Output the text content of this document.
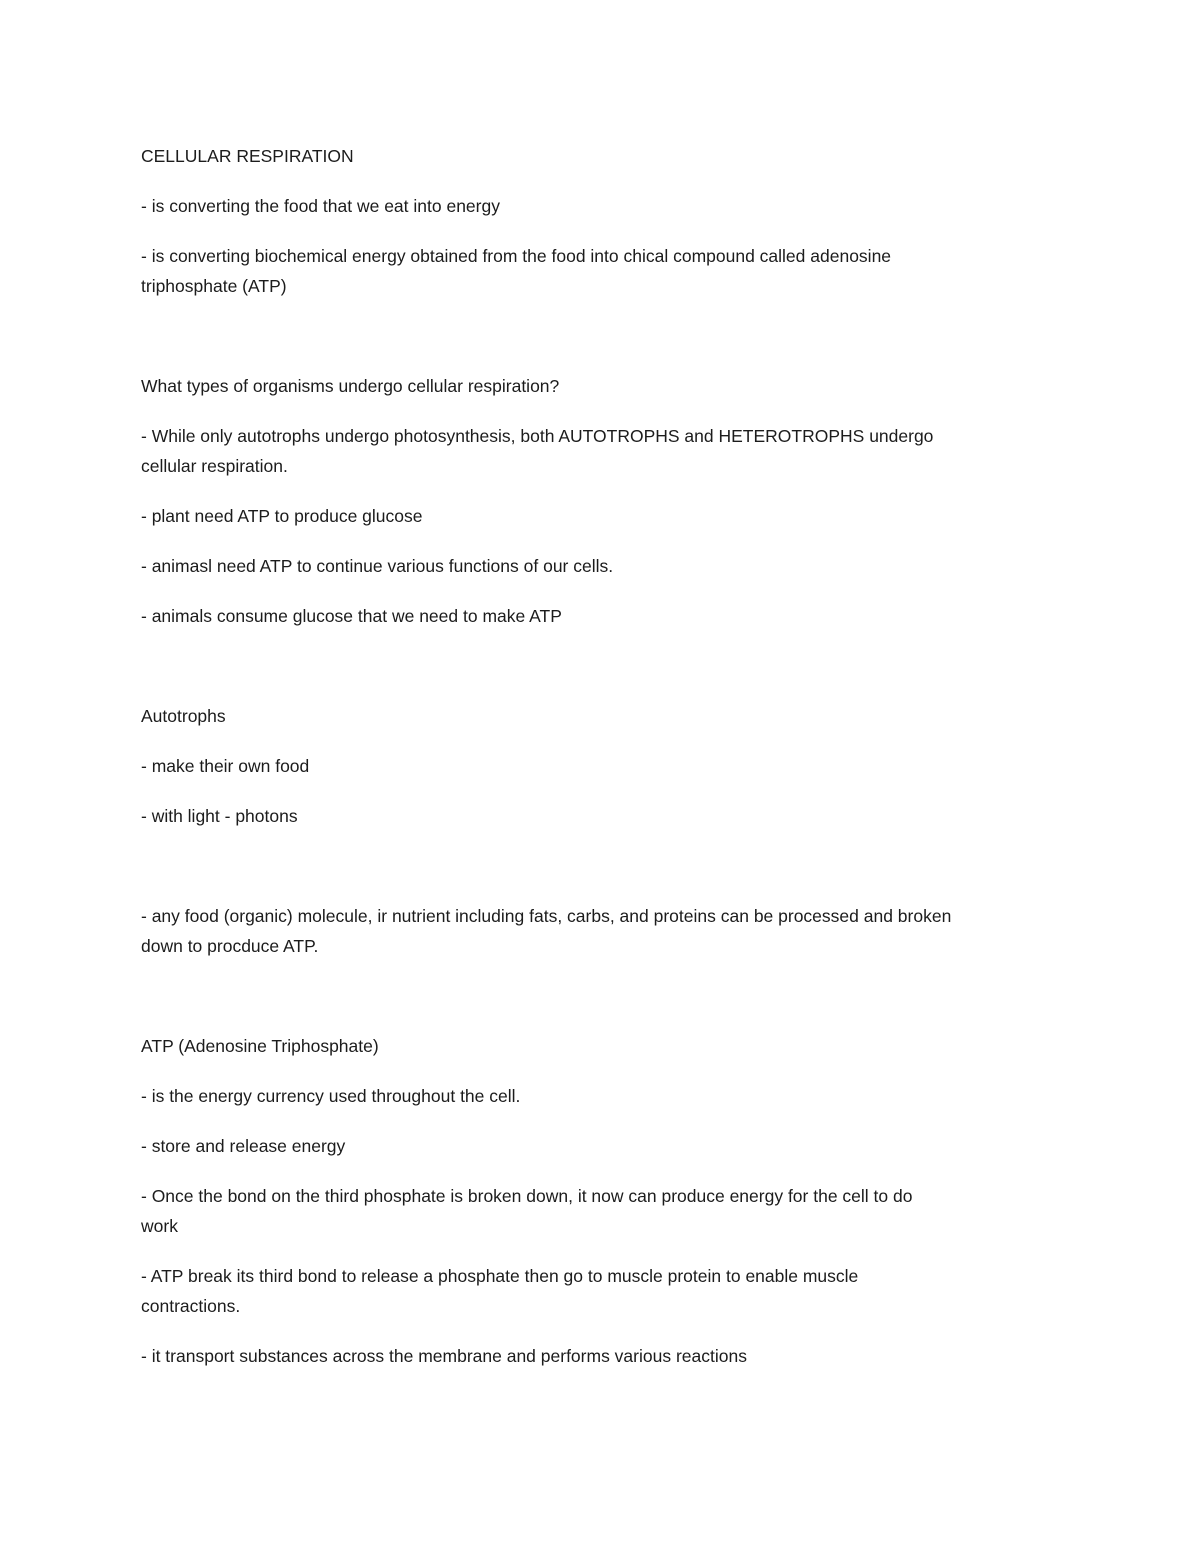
CELLULAR RESPIRATION
- is converting the food that we eat into energy
- is converting biochemical energy obtained from the food into chical compound called adenosine
triphosphate (ATP)
What types of organisms undergo cellular respiration?
- While only autotrophs undergo photosynthesis, both AUTOTROPHS and HETEROTROPHS undergo
cellular respiration.
- plant need ATP to produce glucose
- animasl need ATP to continue various functions of our cells.
- animals consume glucose that we need to make ATP
Autotrophs
- make their own food
- with light - photons
- any food (organic) molecule, ir nutrient including fats, carbs, and proteins can be processed and broken
down to procduce ATP.
ATP (Adenosine Triphosphate)
- is the energy currency used throughout the cell.
- store and release energy
- Once the bond on the third phosphate is broken down, it now can produce energy for the cell to do
work
- ATP break its third bond to release a phosphate then go to muscle protein to enable muscle
contractions.
- it transport substances across the membrane and performs various reactions
